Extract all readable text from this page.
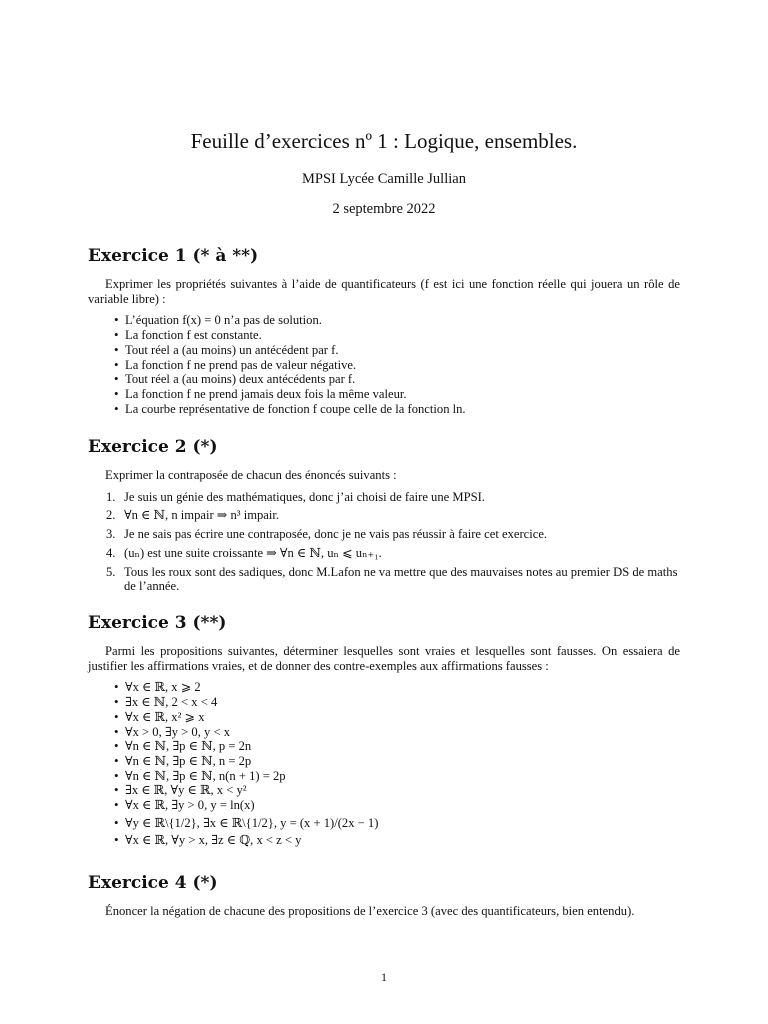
Feuille d’exercices nº 1 : Logique, ensembles.
MPSI Lycée Camille Jullian
2 septembre 2022
Exercice 1 (* à **)

Exprimer les propriétés suivantes à l’aide de quantificateurs (f est ici une fonction réelle qui jouera un rôle de variable libre) :

• L’équation f(x) = 0 n’a pas de solution.
• La fonction f est constante.
• Tout réel a (au moins) un antécédent par f.
• La fonction f ne prend pas de valeur négative.
• Tout réel a (au moins) deux antécédents par f.
• La fonction f ne prend jamais deux fois la même valeur.
• La courbe représentative de fonction f coupe celle de la fonction ln.
Exercice 2 (*)

Exprimer la contraposée de chacun des énoncés suivants :

1. Je suis un génie des mathématiques, donc j’ai choisi de faire une MPSI.
2. ∀n ∈ ℕ, n impair ⇒ n³ impair.
3. Je ne sais pas écrire une contraposée, donc je ne vais pas réussir à faire cet exercice.
4. (uₙ) est une suite croissante ⇒ ∀n ∈ ℕ, uₙ ⩽ uₙ₊₁.
5. Tous les roux sont des sadiques, donc M.Lafon ne va mettre que des mauvaises notes au premier DS de maths de l’année.
Exercice 3 (**)

Parmi les propositions suivantes, déterminer lesquelles sont vraies et lesquelles sont fausses. On essaiera de justifier les affirmations vraies, et de donner des contre-exemples aux affirmations fausses :

• ∀x ∈ ℝ, x ⩾ 2
• ∃x ∈ ℕ, 2 < x < 4
• ∀x ∈ ℝ, x² ⩾ x
• ∀x > 0, ∃y > 0, y < x
• ∀n ∈ ℕ, ∃p ∈ ℕ, p = 2n
• ∀n ∈ ℕ, ∃p ∈ ℕ, n = 2p
• ∀n ∈ ℕ, ∃p ∈ ℕ, n(n + 1) = 2p
• ∃x ∈ ℝ, ∀y ∈ ℝ, x < y²
• ∀x ∈ ℝ, ∃y > 0, y = ln(x)
• ∀y ∈ ℝ\{1/2}, ∃x ∈ ℝ\{1/2}, y = (x + 1)/(2x − 1)
• ∀x ∈ ℝ, ∀y > x, ∃z ∈ ℚ, x < z < y
Exercice 4 (*)

Énoncer la négation de chacune des propositions de l’exercice 3 (avec des quantificateurs, bien entendu).

1
